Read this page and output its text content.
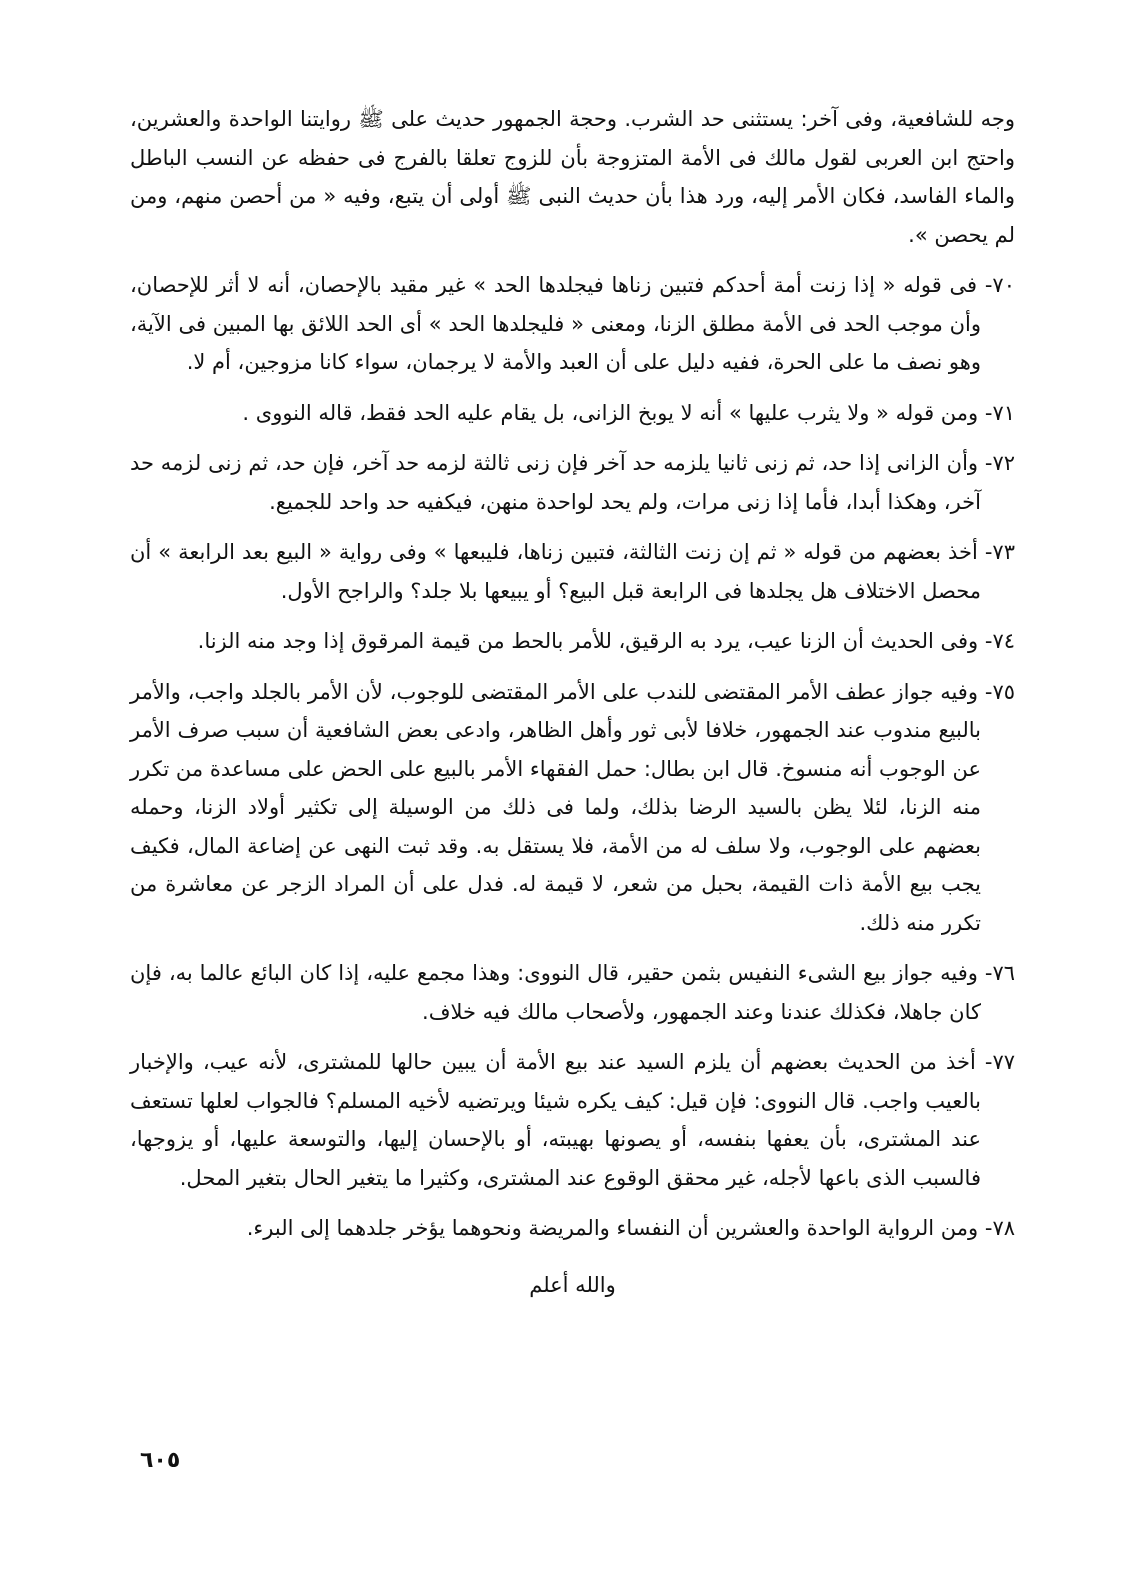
وجه للشافعية، وفى آخر: يستثنى حد الشرب. وحجة الجمهور حديث على ﷺ روايتنا الواحدة والعشرين، واحتج ابن العربى لقول مالك فى الأمة المتزوجة بأن للزوج تعلقا بالفرج فى حفظه عن النسب الباطل والماء الفاسد، فكان الأمر إليه، ورد هذا بأن حديث النبى ﷺ أولى أن يتبع، وفيه « من أحصن منهم، ومن لم يحصن ».

٧٠- فى قوله « إذا زنت أمة أحدكم فتبين زناها فيجلدها الحد » غير مقيد بالإحصان، أنه لا أثر للإحصان، وأن موجب الحد فى الأمة مطلق الزنا، ومعنى « فليجلدها الحد » أى الحد اللائق بها المبين فى الآية، وهو نصف ما على الحرة، ففيه دليل على أن العبد والأمة لا يرجمان، سواء كانا مزوجين، أم لا.

٧١- ومن قوله « ولا يثرب عليها » أنه لا يوبخ الزانى، بل يقام عليه الحد فقط، قاله النووى .

٧٢- وأن الزانى إذا حد، ثم زنى ثانيا يلزمه حد آخر فإن زنى ثالثة لزمه حد آخر، فإن حد، ثم زنى لزمه حد آخر، وهكذا أبدا، فأما إذا زنى مرات، ولم يحد لواحدة منهن، فيكفيه حد واحد للجميع.

٧٣- أخذ بعضهم من قوله « ثم إن زنت الثالثة، فتبين زناها، فليبعها » وفى رواية « البيع بعد الرابعة » أن محصل الاختلاف هل يجلدها فى الرابعة قبل البيع؟ أو يبيعها بلا جلد؟ والراجح الأول.

٧٤- وفى الحديث أن الزنا عيب، يرد به الرقيق، للأمر بالحط من قيمة المرقوق إذا وجد منه الزنا.

٧٥- وفيه جواز عطف الأمر المقتضى للندب على الأمر المقتضى للوجوب، لأن الأمر بالجلد واجب، والأمر بالبيع مندوب عند الجمهور، خلافا لأبى ثور وأهل الظاهر، وادعى بعض الشافعية أن سبب صرف الأمر عن الوجوب أنه منسوخ. قال ابن بطال: حمل الفقهاء الأمر بالبيع على الحض على مساعدة من تكرر منه الزنا، لئلا يظن بالسيد الرضا بذلك، ولما فى ذلك من الوسيلة إلى تكثير أولاد الزنا، وحمله بعضهم على الوجوب، ولا سلف له من الأمة، فلا يستقل به. وقد ثبت النهى عن إضاعة المال، فكيف يجب بيع الأمة ذات القيمة، بحبل من شعر، لا قيمة له. فدل على أن المراد الزجر عن معاشرة من تكرر منه ذلك.

٧٦- وفيه جواز بيع الشىء النفيس بثمن حقير، قال النووى: وهذا مجمع عليه، إذا كان البائع عالما به، فإن كان جاهلا، فكذلك عندنا وعند الجمهور، ولأصحاب مالك فيه خلاف.

٧٧- أخذ من الحديث بعضهم أن يلزم السيد عند بيع الأمة أن يبين حالها للمشترى، لأنه عيب، والإخبار بالعيب واجب. قال النووى: فإن قيل: كيف يكره شيئا ويرتضيه لأخيه المسلم؟ فالجواب لعلها تستعف عند المشترى، بأن يعفها بنفسه، أو يصونها بهيبته، أو بالإحسان إليها، والتوسعة عليها، أو يزوجها، فالسبب الذى باعها لأجله، غير محقق الوقوع عند المشترى، وكثيرا ما يتغير الحال بتغير المحل.

٧٨- ومن الرواية الواحدة والعشرين أن النفساء والمريضة ونحوهما يؤخر جلدهما إلى البرء.

والله أعلم
٦٠٥
